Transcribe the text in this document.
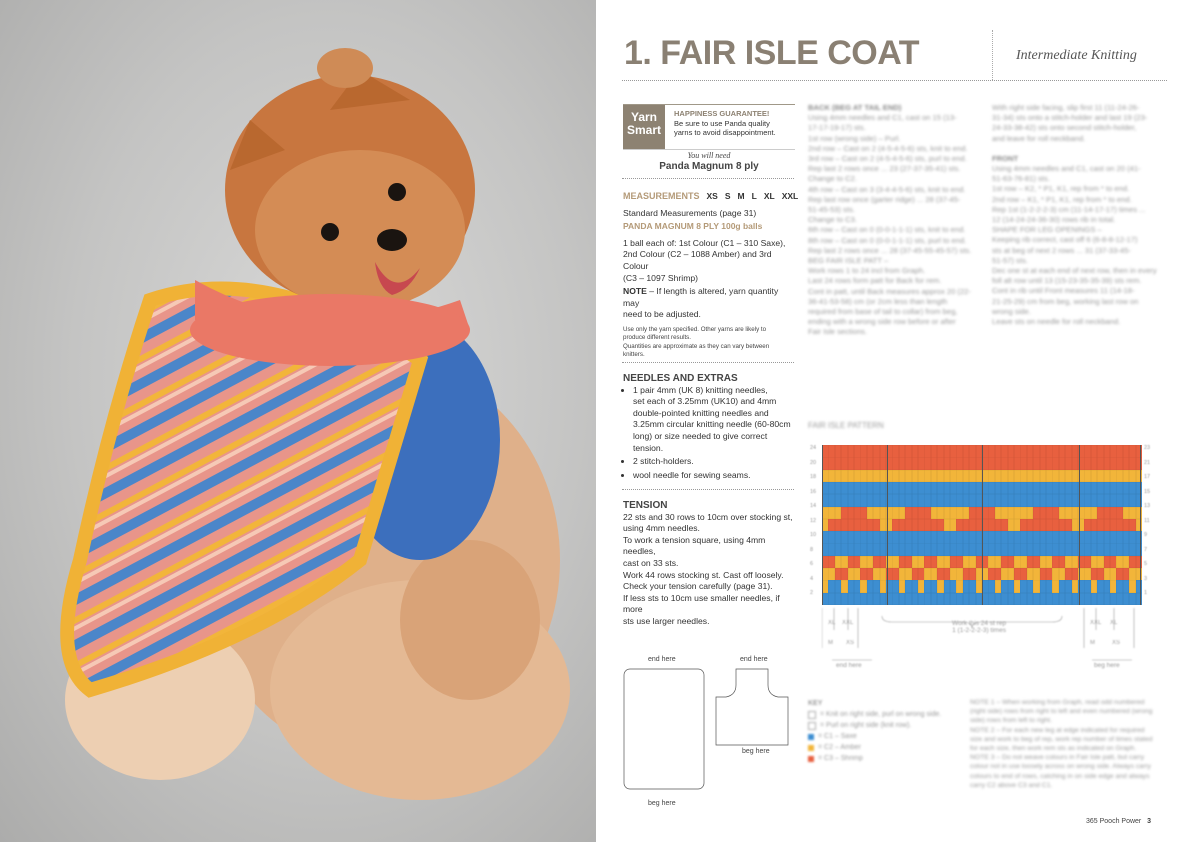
1. FAIR ISLE COAT	Intermediate Knitting
Yarn
Smart
HAPPINESS GUARANTEE!
Be sure to use Panda quality
yarns to avoid disappointment.
You will need
Panda Magnum 8 ply
MEASUREMENTS XS S M L XL XXL
Standard Measurements (page 31)
PANDA MAGNUM 8 PLY 100g balls
1 ball each of: 1st Colour (C1 – 310 Saxe),
2nd Colour (C2 – 1088 Amber) and 3rd Colour
(C3 – 1097 Shrimp)
NOTE – If length is altered, yarn quantity may
need to be adjusted.
Use only the yarn specified. Other yarns are likely to
produce different results.
Quantities are approximate as they can vary between
knitters.
NEEDLES AND EXTRAS
• 1 pair 4mm (UK 8) knitting needles,
set each of 3.25mm (UK10) and 4mm
double-pointed knitting needles and
3.25mm circular knitting needle (60-80cm
long) or size needed to give correct tension.
• 2 stitch-holders.
• wool needle for sewing seams.
TENSION
22 sts and 30 rows to 10cm over stocking st,
using 4mm needles.
To work a tension square, using 4mm needles,
cast on 33 sts.
Work 44 rows stocking st. Cast off loosely.
Check your tension carefully (page 31).
If less sts to 10cm use smaller needles, if more
sts use larger needles.
end here	end here
beg here
beg here
BACK (BEG AT TAIL END)
Using 4mm needles and C1, cast on 15 (13-
17-17-19-17) sts.
1st row (wrong side) – Purl.
2nd row – Cast on 2 (4-5-4-5-6) sts, knit to end.
3rd row – Cast on 2 (4-5-4-5-6) sts, purl to end.
Rep last 2 rows once ... 23 (27-37-35-41) sts.
Change to C2.
4th row – Cast on 3 (3-4-4-5-6) sts, knit to end.
Rep last row once (garter ridge) ... 28 (37-45-
51-45-53) sts.
Change to C3.
6th row – Cast on 0 (0-0-1-1-1) sts, knit to end.
8th row – Cast on 0 (0-0-1-1-1) sts, purl to end.
Rep last 2 rows once ... 28 (37-45-55-45-57) sts.
BEG FAIR ISLE PATT –
Work rows 1 to 24 incl from Graph.
Last 24 rows form patt for Back for rem.
Cont in patt, until Back measures approx 20 (22-
36-41-53-58) cm (or 2cm less than length
required from base of tail to collar) from beg,
ending with a wrong side row before or after
Fair Isle sections.
With right side facing, slip first 11 (11-24-26-
31-34) sts onto a stitch-holder and last 19 (23-
24-33-38-42) sts onto second stitch-holder,
and leave for roll neckband.
FRONT
Using 4mm needles and C1, cast on 20 (41-
51-63-76-81) sts.
1st row – K2, * P1, K1, rep from * to end.
2nd row – K1, * P1, K1, rep from * to end.
Rep 1st (1-2-2-2-3) cm (11-14-17-17) times ...
12 (14-24-24-36-30) rows rib in total.
SHAPE FOR LEG OPENINGS –
Keeping rib correct, cast off 6 (6-8-8-12-17)
sts at beg of next 2 rows ... 31 (37-33-45-
51-57) sts.
Dec one st at each end of next row, then in every
foll alt row until 13 (15-23-35-35-39) sts rem.
Cont in rib until Front measures 11 (14-18-
21-25-29) cm from beg, working last row on
wrong side.
Leave sts on needle for roll neckband.
FAIR ISLE PATTERN
24
20
18
16
14
12
10
8
6
4
2
23
21
17
15
13
11
9
7
5
3
1
Work this 24 st rep
1 (1-2-2-2-3) times
end here	beg here
XL XXL
M XS
XXL XL
M	XS
KEY
= Knit on right side, purl on wrong side.
= Purl on right side (knit row).
= C1 – Saxe
= C2 – Amber
= C3 – Shrimp
NOTE 1 – When working from Graph, read odd numbered
(right side) rows from right to left and even numbered (wrong
side) rows from left to right.
NOTE 2 – For each new leg at edge indicated for required
size and work to beg of rep, work rep number of times stated
for each size, then work rem sts as indicated on Graph.
NOTE 3 – Do not weave colours in Fair Isle patt, but carry
colour not in use loosely across on wrong side. Always carry
colours to end of rows, catching in on side edge and always
carry C2 above C3 and C1.
365 Pooch Power 3
